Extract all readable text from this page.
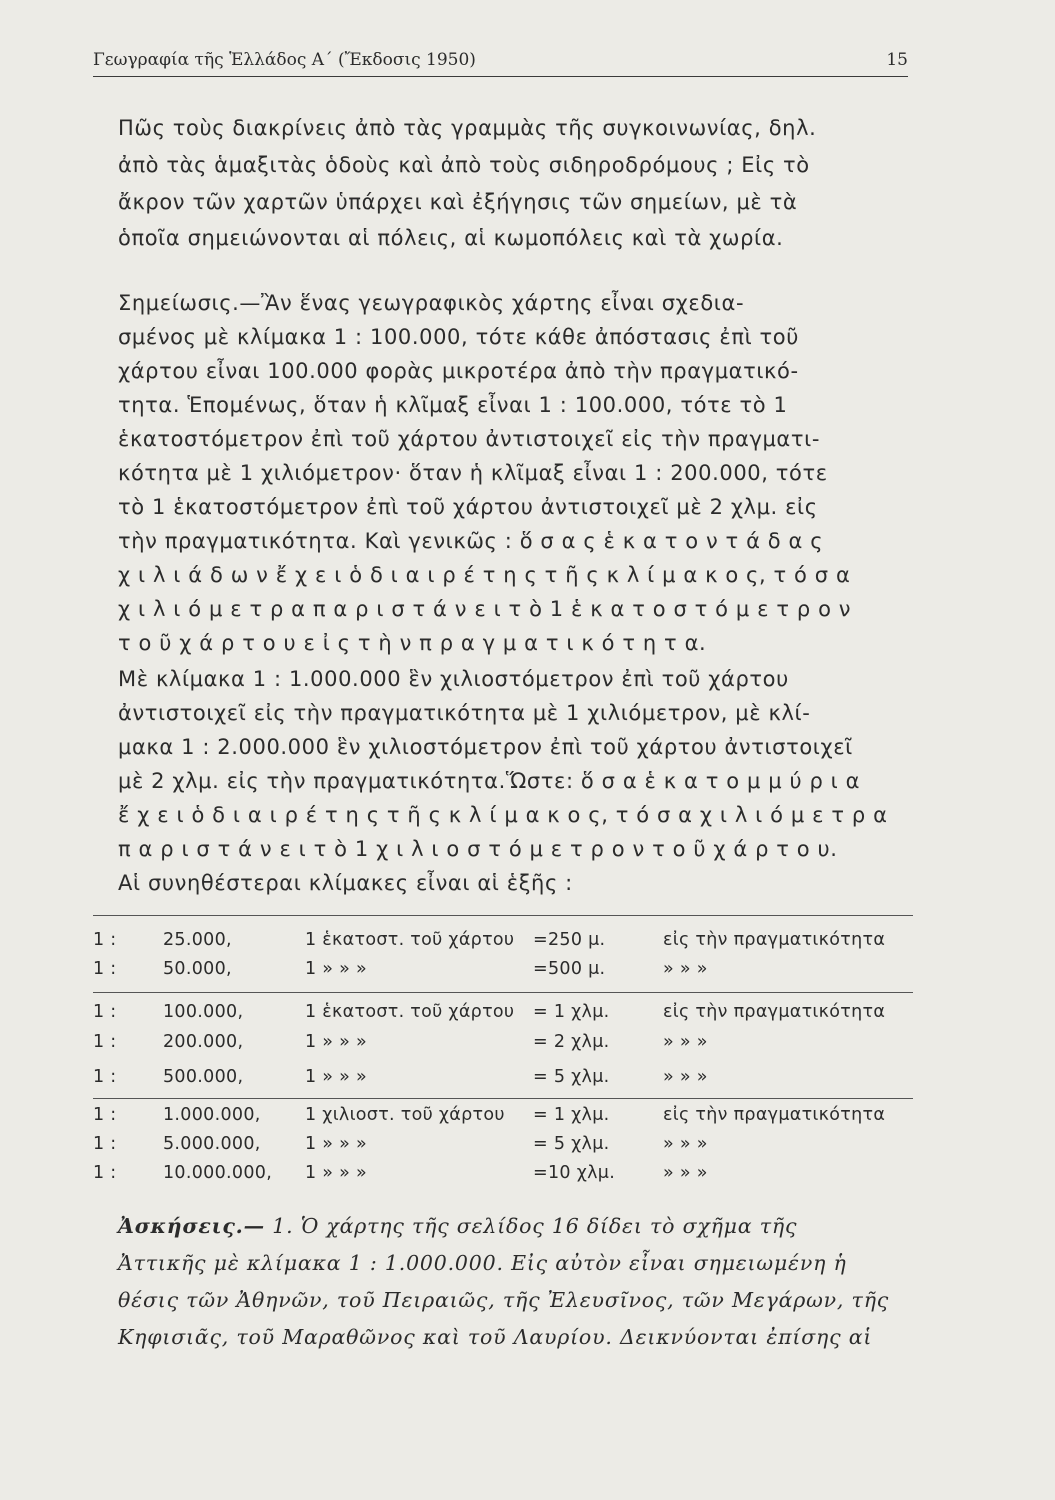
Γεωγραφία τῆς Ἑλλάδος Α΄ (Ἔκδοσις 1950)	15
Πῶς τοὺς διακρίνεις ἀπὸ τὰς γραμμὰς τῆς συγκοινωνίας, δηλ.
ἀπὸ τὰς ἁμαξιτὰς ὁδοὺς καὶ ἀπὸ τοὺς σιδηροδρόμους ; Εἰς τὸ
ἄκρον τῶν χαρτῶν ὑπάρχει καὶ ἐξήγησις τῶν σημείων, μὲ τὰ
ὁποῖα σημειώνονται αἱ πόλεις, αἱ κωμοπόλεις καὶ τὰ χωρία.
Σημείωσις.—Ἂν ἕνας γεωγραφικὸς χάρτης εἶναι σχεδια-
σμένος μὲ κλίμακα 1 : 100.000, τότε κάθε ἀπόστασις ἐπὶ τοῦ
χάρτου εἶναι 100.000 φορὰς μικροτέρα ἀπὸ τὴν πραγματικό-
τητα. Ἑπομένως, ὅταν ἡ κλῖμαξ εἶναι 1 : 100.000, τότε τὸ 1
ἑκατοστόμετρον ἐπὶ τοῦ χάρτου ἀντιστοιχεῖ εἰς τὴν πραγματι-
κότητα μὲ 1 χιλιόμετρον· ὅταν ἡ κλῖμαξ εἶναι 1 : 200.000, τότε
τὸ 1 ἑκατοστόμετρον ἐπὶ τοῦ χάρτου ἀντιστοιχεῖ μὲ 2 χλμ. εἰς
τὴν πραγματικότητα. Καὶ γενικῶς : ὅ σ α ς ἑ κ α τ ο ν τ ά δ α ς
χ ι λ ι ά δ ω ν ἔ χ ε ι ὁ δ ι α ι ρ έ τ η ς τ ῆ ς κ λ ί μ α κ ο ς, τ ό σ α
χ ι λ ι ό μ ε τ ρ α π α ρ ι σ τ ά ν ε ι τ ὸ 1 ἑ κ α τ ο σ τ ό μ ε τ ρ ο ν
τ ο ῦ χ ά ρ τ ο υ ε ἰ ς τ ὴ ν π ρ α γ μ α τ ι κ ό τ η τ α.
Μὲ κλίμακα 1 : 1.000.000 ἓν χιλιοστόμετρον ἐπὶ τοῦ χάρτου
ἀντιστοιχεῖ εἰς τὴν πραγματικότητα μὲ 1 χιλιόμετρον, μὲ κλί-
μακα 1 : 2.000.000 ἓν χιλιοστόμετρον ἐπὶ τοῦ χάρτου ἀντιστοιχεῖ
μὲ 2 χλμ. εἰς τὴν πραγματικότητα.Ὥστε: ὅ σ α ἑ κ α τ ο μ μ ύ ρ ι α
ἔ χ ε ι ὁ δ ι α ι ρ έ τ η ς τ ῆ ς κ λ ί μ α κ ο ς, τ ό σ α χ ι λ ι ό μ ε τ ρ α
π α ρ ι σ τ ά ν ε ι τ ὸ 1 χ ι λ ι ο σ τ ό μ ε τ ρ ο ν τ ο ῦ χ ά ρ τ ο υ.
Αἱ συνηθέστεραι κλίμακες εἶναι αἱ ἑξῆς :
1 :	25.000,	1 ἑκατοστ. τοῦ χάρτου =250 μ.	εἰς τὴν πραγματικότητα
1 :	50.000,	1 » » »	=500 μ.	» » »
1 :	100.000,	1 ἑκατοστ. τοῦ χάρτου = 1 χλμ.	εἰς τὴν πραγματικότητα
1 :	200.000,	1 » » »	= 2 χλμ.	» » »
1 :	500.000,	1 » » »	= 5 χλμ.	» » »
1 :	1.000.000,	1 χιλιοστ. τοῦ χάρτου = 1 χλμ.	εἰς τὴν πραγματικότητα
1 :	5.000.000,	1 » » »	= 5 χλμ.	» » »
1 :	10.000.000, 1 » » »	=10 χλμ.	» » »
Ἀσκήσεις.— 1. Ὁ χάρτης τῆς σελίδος 16 δίδει τὸ σχῆμα τῆς
Ἀττικῆς μὲ κλίμακα 1 : 1.000.000. Εἰς αὐτὸν εἶναι σημειωμένη ἡ
θέσις τῶν Ἀθηνῶν, τοῦ Πειραιῶς, τῆς Ἐλευσῖνος, τῶν Μεγάρων, τῆς
Κηφισιᾶς, τοῦ Μαραθῶνος καὶ τοῦ Λαυρίου. Δεικνύονται ἐπίσης αἱ
